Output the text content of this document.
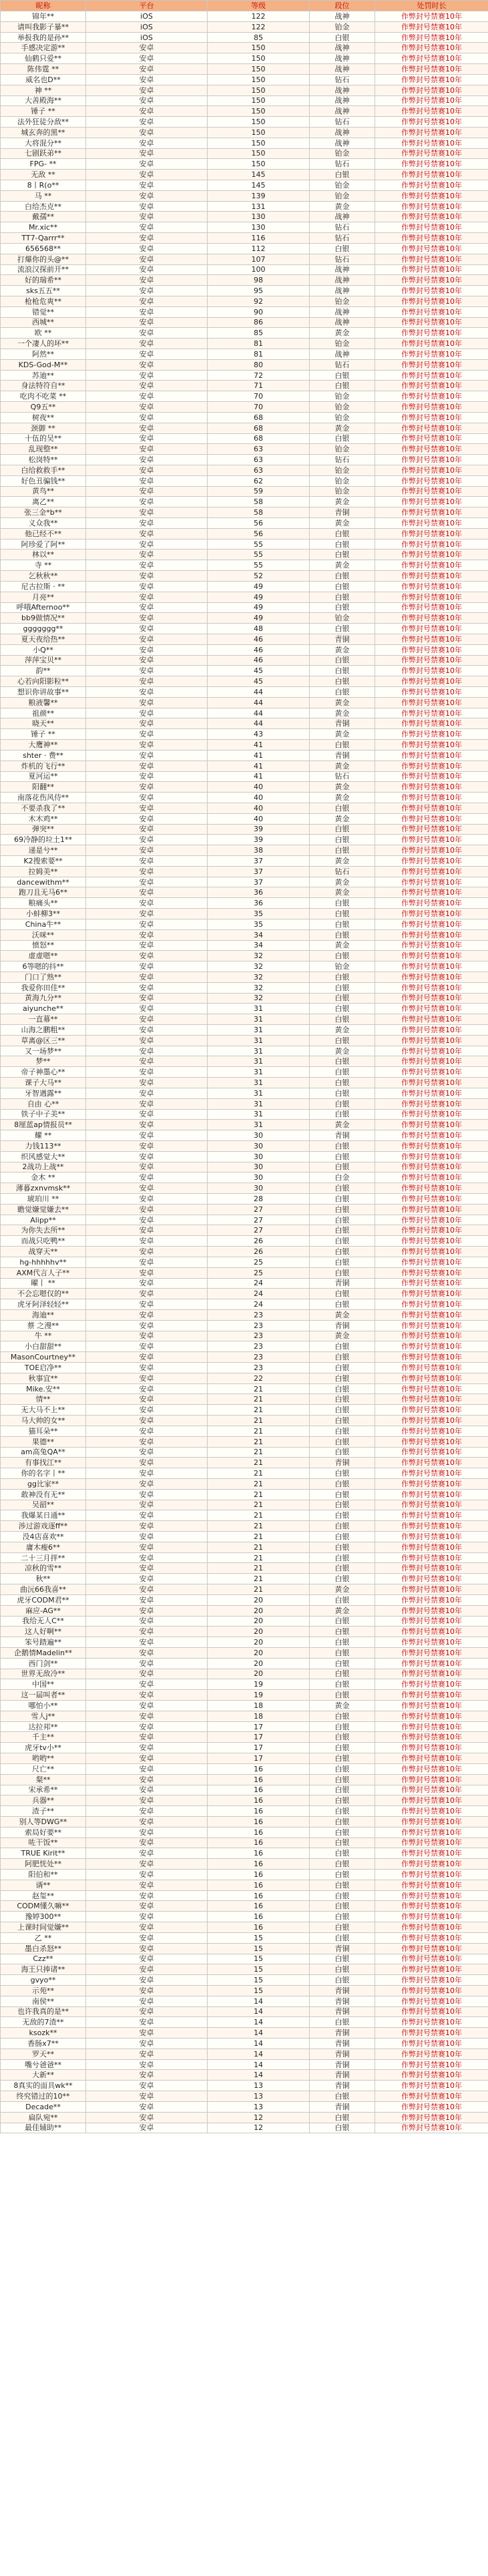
昵称	平台	等级	段位	处罚时长
锦年**	iOS	122	战神	作弊封号禁赛10年
请叫我影子暴**	iOS	122	铂金	作弊封号禁赛10年
举报我的是孙**	iOS	85	白银	作弊封号禁赛10年
手感决定游**	安卓	150	战神	作弊封号禁赛10年
仙鹤只爱**	安卓	150	战神	作弊封号禁赛10年
陈伟霆 **	安卓	150	战神	作弊封号禁赛10年
威名也D**	安卓	150	钻石	作弊封号禁赛10年
神 **	安卓	150	战神	作弊封号禁赛10年
大善殿海**	安卓	150	战神	作弊封号禁赛10年
锤子 **	安卓	150	战神	作弊封号禁赛10年
法外狂徒分敌**	安卓	150	钻石	作弊封号禁赛10年
城玄奔的黑**	安卓	150	战神	作弊封号禁赛10年
大将混分**	安卓	150	战神	作弊封号禁赛10年
七剧跃弟**	安卓	150	铂金	作弊封号禁赛10年
FPG- **	安卓	150	钻石	作弊封号禁赛10年
无敌 **	安卓	145	白银	作弊封号禁赛10年
8丨R(o**	安卓	145	铂金	作弊封号禁赛10年
马 **	安卓	139	铂金	作弊封号禁赛10年
白给杰克**	安卓	131	黄金	作弊封号禁赛10年
戴孺**	安卓	130	战神	作弊封号禁赛10年
Mr.xic**	安卓	130	钻石	作弊封号禁赛10年
TT7-Qarrr**	安卓	116	钻石	作弊封号禁赛10年
656568**	安卓	112	白银	作弊封号禁赛10年
打爆你的头@**	安卓	107	钻石	作弊封号禁赛10年
流浪汉探前开**	安卓	100	战神	作弊封号禁赛10年
好的瑞希**	安卓	98	战神	作弊封号禁赛10年
sks五五**	安卓	95	战神	作弊封号禁赛10年
枪枪危爽**	安卓	92	铂金	作弊封号禁赛10年
错觉**	安卓	90	战神	作弊封号禁赛10年
西城**	安卓	86	战神	作弊封号禁赛10年
欧 **	安卓	85	黄金	作弊封号禁赛10年
一个凄人的坏**	安卓	81	铂金	作弊封号禁赛10年
阿然**	安卓	81	战神	作弊封号禁赛10年
KDS-God-M**	安卓	80	钻石	作弊封号禁赛10年
苏迪**	安卓	72	白银	作弊封号禁赛10年
身法特符自**	安卓	71	白银	作弊封号禁赛10年
吃肉不吃菜 **	安卓	70	铂金	作弊封号禁赛10年
Q9五**	安卓	70	铂金	作弊封号禁赛10年
树夜**	安卓	68	铂金	作弊封号禁赛10年
颈御 **	安卓	68	黄金	作弊封号禁赛10年
十伍的吴**	安卓	68	白银	作弊封号禁赛10年
乱现整**	安卓	63	铂金	作弊封号禁赛10年
松岗特**	安卓	63	钻石	作弊封号禁赛10年
白给救救手**	安卓	63	铂金	作弊封号禁赛10年
好色丑骗钱**	安卓	62	铂金	作弊封号禁赛10年
黄鸟**	安卓	59	铂金	作弊封号禁赛10年
离乙**	安卓	58	黄金	作弊封号禁赛10年
张三金*b**	安卓	58	青铜	作弊封号禁赛10年
义众我**	安卓	56	黄金	作弊封号禁赛10年
他已经不**	安卓	56	白银	作弊封号禁赛10年
阿珍爱了阿**	安卓	55	白银	作弊封号禁赛10年
林以**	安卓	55	白银	作弊封号禁赛10年
寺 **	安卓	55	黄金	作弊封号禁赛10年
乞秋秋**	安卓	52	白银	作弊封号禁赛10年
尼古拉斯 · **	安卓	49	白银	作弊封号禁赛10年
月亮**	安卓	49	白银	作弊封号禁赛10年
呼哦Afternoo**	安卓	49	白银	作弊封号禁赛10年
bb9做情况**	安卓	49	铂金	作弊封号禁赛10年
ggggggg**	安卓	48	白银	作弊封号禁赛10年
夏天夜给热**	安卓	46	青铜	作弊封号禁赛10年
小Q**	安卓	46	黄金	作弊封号禁赛10年
萍萍宝贝**	安卓	46	白银	作弊封号禁赛10年
韵**	安卓	45	白银	作弊封号禁赛10年
心若向阳影粒**	安卓	45	白银	作弊封号禁赛10年
想识你讲故事**	安卓	44	白银	作弊封号禁赛10年
粮液馨**	安卓	44	黄金	作弊封号禁赛10年
祖颜**	安卓	44	黄金	作弊封号禁赛10年
晓天**	安卓	44	青铜	作弊封号禁赛10年
锤子 **	安卓	43	黄金	作弊封号禁赛10年
大鹰神**	安卓	41	白银	作弊封号禁赛10年
shter · 费**	安卓	41	青铜	作弊封号禁赛10年
炸机的飞行**	安卓	41	黄金	作弊封号禁赛10年
夏河运**	安卓	41	钻石	作弊封号禁赛10年
阳翻**	安卓	40	黄金	作弊封号禁赛10年
南落花伤风侍**	安卓	40	黄金	作弊封号禁赛10年
不要杀我了**	安卓	40	白银	作弊封号禁赛10年
木木鸡**	安卓	40	黄金	作弊封号禁赛10年
弹突**	安卓	39	白银	作弊封号禁赛10年
69冷静的垃土1**	安卓	39	白银	作弊封号禁赛10年
递是兮**	安卓	38	白银	作弊封号禁赛10年
K2搜索要**	安卓	37	黄金	作弊封号禁赛10年
拉姆美**	安卓	37	钻石	作弊封号禁赛10年
dancewithm**	安卓	37	黄金	作弊封号禁赛10年
跑刀且无马6**	安卓	36	黄金	作弊封号禁赛10年
粮痛头**	安卓	36	白银	作弊封号禁赛10年
小蚌柳3**	安卓	35	白银	作弊封号禁赛10年
China牛**	安卓	35	白银	作弊封号禁赛10年
沃咪**	安卓	34	白银	作弊封号禁赛10年
愤怒**	安卓	34	黄金	作弊封号禁赛10年
虚虚嗯**	安卓	32	白银	作弊封号禁赛10年
6等嗯的抖**	安卓	32	铂金	作弊封号禁赛10年
门口了熟**	安卓	32	白银	作弊封号禁赛10年
我爱你田佳**	安卓	32	白银	作弊封号禁赛10年
黄海九分**	安卓	32	白银	作弊封号禁赛10年
aiyunche**	安卓	31	白银	作弊封号禁赛10年
一直幕**	安卓	31	白银	作弊封号禁赛10年
山海之鹏粗**	安卓	31	黄金	作弊封号禁赛10年
草离@区三**	安卓	31	白银	作弊封号禁赛10年
又一场梦**	安卓	31	黄金	作弊封号禁赛10年
梦**	安卓	31	白银	作弊封号禁赛10年
帝子神墨心**	安卓	31	白银	作弊封号禁赛10年
课子大马**	安卓	31	白银	作弊封号禁赛10年
牙智遇露**	安卓	31	白银	作弊封号禁赛10年
自由 心**	安卓	31	白银	作弊封号禁赛10年
铁子中子美**	安卓	31	白银	作弊封号禁赛10年
8厘蓝ap情报员**	安卓	31	黄金	作弊封号禁赛10年
耀 **	安卓	30	青铜	作弊封号禁赛10年
力钱113**	安卓	30	白银	作弊封号禁赛10年
织风感觉大**	安卓	30	白银	作弊封号禁赛10年
2战功上战**	安卓	30	白银	作弊封号禁赛10年
金木 **	安卓	30	白金	作弊封号禁赛10年
薄暮zxnvmsk**	安卓	30	白银	作弊封号禁赛10年
琥珀川 **	安卓	28	白银	作弊封号禁赛10年
瞻觉嫌觉嫌去**	安卓	27	白银	作弊封号禁赛10年
Alipp**	安卓	27	白银	作弊封号禁赛10年
为你失去所**	安卓	27	白银	作弊封号禁赛10年
而战只吃鸭**	安卓	26	白银	作弊封号禁赛10年
战穿天**	安卓	26	白银	作弊封号禁赛10年
hg-hhhhhv**	安卓	25	白银	作弊封号禁赛10年
AXM代言人子**	安卓	25	白银	作弊封号禁赛10年
曜丨 **	安卓	24	青铜	作弊封号禁赛10年
不会忘嗯仅的**	安卓	24	白银	作弊封号禁赛10年
虎牙阿泽轻轻**	安卓	24	白银	作弊封号禁赛10年
海迪**	安卓	23	黄金	作弊封号禁赛10年
蔡 之漫**	安卓	23	青铜	作弊封号禁赛10年
牛 **	安卓	23	黄金	作弊封号禁赛10年
小白甜甜**	安卓	23	白银	作弊封号禁赛10年
MasonCourtney**	安卓	23	白银	作弊封号禁赛10年
TOE启净**	安卓	23	白银	作弊封号禁赛10年
秋事宜**	安卓	22	白银	作弊封号禁赛10年
Mike.安**	安卓	21	白银	作弊封号禁赛10年
情**	安卓	21	白银	作弊封号禁赛10年
无大马不上**	安卓	21	白银	作弊封号禁赛10年
马大帅的女**	安卓	21	白银	作弊封号禁赛10年
猫耳朵**	安卓	21	白银	作弊封号禁赛10年
果德**	安卓	21	白银	作弊封号禁赛10年
am高兔QA**	安卓	21	白银	作弊封号禁赛10年
有事找江**	安卓	21	青铜	作弊封号禁赛10年
你的名字丨**	安卓	21	白银	作弊封号禁赛10年
gg比家**	安卓	21	白银	作弊封号禁赛10年
敢神没有无**	安卓	21	白银	作弊封号禁赛10年
吴韶**	安卓	21	白银	作弊封号禁赛10年
我爆某日通**	安卓	21	白银	作弊封号禁赛10年
涉过游戏逐ff**	安卓	21	白银	作弊封号禁赛10年
没4店喜欢**	安卓	21	白银	作弊封号禁赛10年
庸木瘦6**	安卓	21	白银	作弊封号禁赛10年
二十三月拌**	安卓	21	白银	作弊封号禁赛10年
凉秋的雪**	安卓	21	白银	作弊封号禁赛10年
秋**	安卓	21	白银	作弊封号禁赛10年
曲沅66我喜**	安卓	21	黄金	作弊封号禁赛10年
虎牙CODM君**	安卓	20	白银	作弊封号禁赛10年
麻应-AG**	安卓	20	黄金	作弊封号禁赛10年
我给无人C**	安卓	20	白银	作弊封号禁赛10年
这人好啊**	安卓	20	白银	作弊封号禁赛10年
笨号踏遍**	安卓	20	白银	作弊封号禁赛10年
企鹅情Madelin**	安卓	20	白银	作弊封号禁赛10年
西门剑**	安卓	20	白银	作弊封号禁赛10年
世界无敌冷**	安卓	20	白银	作弊封号禁赛10年
中国**	安卓	19	白银	作弊封号禁赛10年
这一届叫者**	安卓	19	白银	作弊封号禁赛10年
哪怕小**	安卓	18	黄金	作弊封号禁赛10年
雪人j**	安卓	18	白银	作弊封号禁赛10年
达拉邦**	安卓	17	白银	作弊封号禁赛10年
千主**	安卓	17	白银	作弊封号禁赛10年
虎牙tv小**	安卓	17	白银	作弊封号禁赛10年
哟哟**	安卓	17	白银	作弊封号禁赛10年
尺亡**	安卓	16	白银	作弊封号禁赛10年
粲**	安卓	16	白银	作弊封号禁赛10年
宋承希**	安卓	16	白银	作弊封号禁赛10年
兵器**	安卓	16	白银	作弊封号禁赛10年
渣子**	安卓	16	白银	作弊封号禁赛10年
别人等DWG**	安卓	16	白银	作弊封号禁赛10年
索局好要**	安卓	16	白银	作弊封号禁赛10年
咗干饭**	安卓	16	白银	作弊封号禁赛10年
TRUE Kirit**	安卓	16	白银	作弊封号禁赛10年
阿肥恍处**	安卓	16	白银	作弊封号禁赛10年
阳伯和**	安卓	16	白银	作弊封号禁赛10年
谞**	安卓	16	白银	作弊封号禁赛10年
赵玺**	安卓	16	白银	作弊封号禁赛10年
CODM懂久嘛**	安卓	16	白银	作弊封号禁赛10年
豫婷300**	安卓	16	白银	作弊封号禁赛10年
上课时间觉嫌**	安卓	16	白银	作弊封号禁赛10年
乙 **	安卓	15	白银	作弊封号禁赛10年
墨白杀怒**	安卓	15	青铜	作弊封号禁赛10年
Czz**	安卓	15	白银	作弊封号禁赛10年
海王只捧诸**	安卓	15	白银	作弊封号禁赛10年
gvyo**	安卓	15	白银	作弊封号禁赛10年
示苑**	安卓	15	青铜	作弊封号禁赛10年
南侯**	安卓	14	青铜	作弊封号禁赛10年
也许我真的是**	安卓	14	青铜	作弊封号禁赛10年
无敌的7渣**	安卓	14	白银	作弊封号禁赛10年
ksozk**	安卓	14	青铜	作弊封号禁赛10年
香肠x7**	安卓	14	青铜	作弊封号禁赛10年
罗天**	安卓	14	青铜	作弊封号禁赛10年
嘴兮爸爸**	安卓	14	青铜	作弊封号禁赛10年
大新**	安卓	14	青铜	作弊封号禁赛10年
8真实的面具wk**	安卓	13	青铜	作弊封号禁赛10年
终究错过的10**	安卓	13	白银	作弊封号禁赛10年
Decade**	安卓	13	青铜	作弊封号禁赛10年
扁队宛**	安卓	12	白银	作弊封号禁赛10年
最佳辅助**	安卓	12	白银	作弊封号禁赛10年
